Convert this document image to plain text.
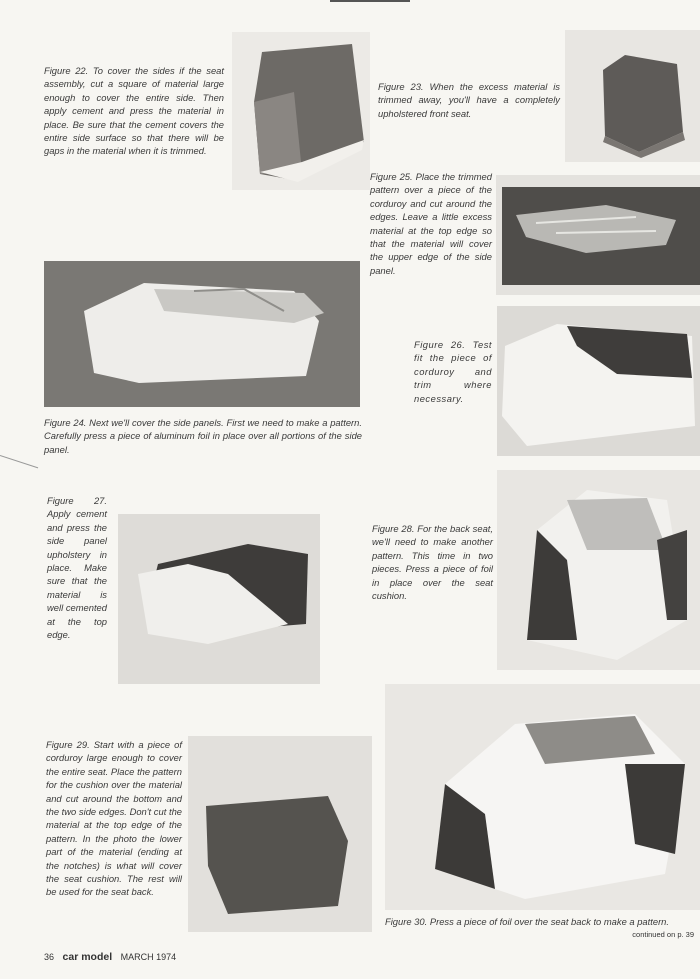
Figure 22. To cover the sides if the seat assembly, cut a square of material large enough to cover the entire side. Then apply cement and press the material in place. Be sure that the cement covers the entire side surface so that there will be gaps in the material when it is trimmed.

Figure 23. When the excess material is trimmed away, you'll have a completely upholstered front seat.

Figure 25. Place the trimmed pattern over a piece of the corduroy and cut around the edges. Leave a little excess material at the top edge so that the material will cover the upper edge of the side panel.

Figure 24. Next we'll cover the side panels. First we need to make a pattern. Carefully press a piece of aluminum foil in place over all portions of the side panel.

Figure 26. Test fit the piece of corduroy and trim where necessary.

Figure 27. Apply cement and press the side panel upholstery in place. Make sure that the material is well cemented at the top edge.

Figure 28. For the back seat, we'll need to make another pattern. This time in two pieces. Press a piece of foil in place over the seat cushion.

Figure 29. Start with a piece of corduroy large enough to cover the entire seat. Place the pattern for the cushion over the material and cut around the bottom and the two side edges. Don't cut the material at the top edge of the pattern. In the photo the lower part of the material (ending at the notches) is what will cover the seat cushion. The rest will be used for the seat back.

Figure 30. Press a piece of foil over the seat back to make a pattern.

continued on p. 39
36 car model MARCH 1974
